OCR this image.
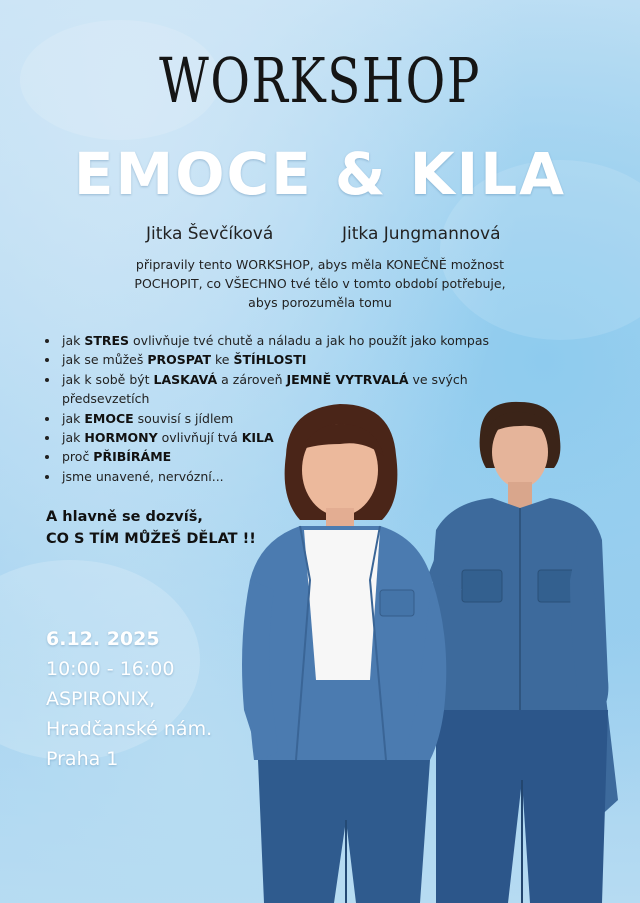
WORKSHOP
EMOCE & KILA
Jitka Ševčíková	Jitka Jungmannová

připravily tento WORKSHOP, abys měla KONEČNĚ možnost

POCHOPIT, co VŠECHNO tvé tělo v tomto období potřebuje,

abys porozuměla tomu

• jak STRES ovlivňuje tvé chutě a náladu a jak ho použít jako kompas
• jak se můžeš PROSPAT ke ŠTÍHLOSTI
• jak k sobě být LASKAVÁ a zároveň JEMNĚ VYTRVALÁ ve svých předsevzetích
• jak EMOCE souvisí s jídlem
• jak HORMONY ovlivňují tvá KILA
• proč PŘIBÍRÁME
• jsme unavené, nervózní...

A hlavně se dozvíš,

CO S TÍM MŮŽEŠ DĚLAT !!

6.12. 2025

10:00 - 16:00

ASPIRONIX,

Hradčanské nám.

Praha 1
